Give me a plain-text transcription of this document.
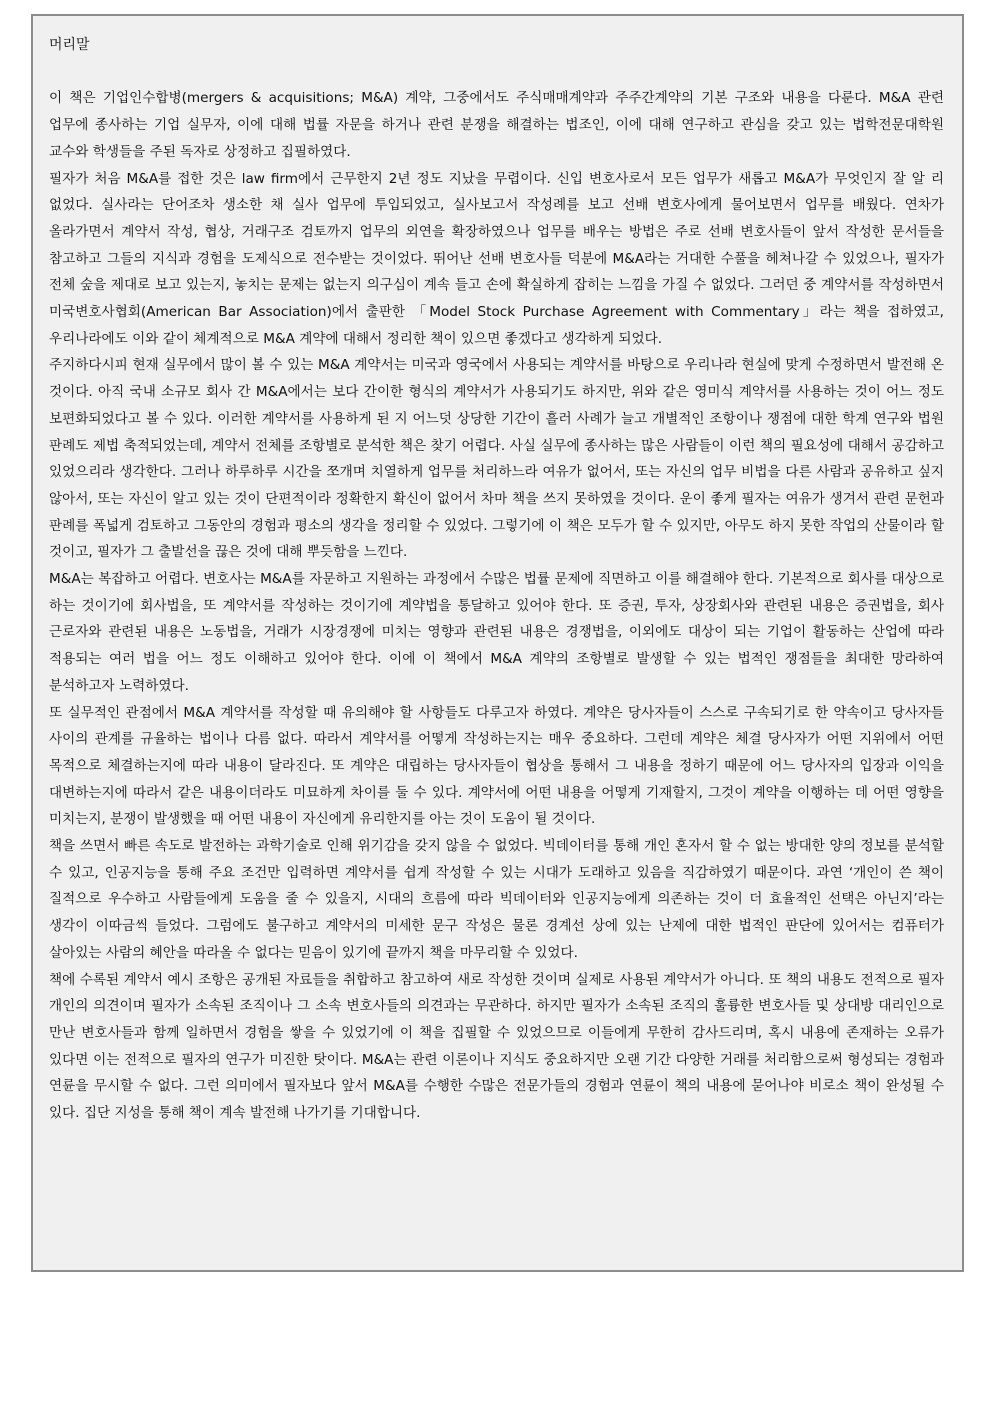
머리말

이 책은 기업인수합병(mergers & acquisitions; M&A) 계약, 그중에서도 주식매매계약과 주주간계약의 기본 구조와 내용을 다룬다. M&A 관련 업무에 종사하는 기업 실무자, 이에 대해 법률 자문을 하거나 관련 분쟁을 해결하는 법조인, 이에 대해 연구하고 관심을 갖고 있는 법학전문대학원 교수와 학생들을 주된 독자로 상정하고 집필하였다.

필자가 처음 M&A를 접한 것은 law firm에서 근무한지 2년 정도 지났을 무렵이다. 신입 변호사로서 모든 업무가 새롭고 M&A가 무엇인지 잘 알 리 없었다. 실사라는 단어조차 생소한 채 실사 업무에 투입되었고, 실사보고서 작성례를 보고 선배 변호사에게 물어보면서 업무를 배웠다. 연차가 올라가면서 계약서 작성, 협상, 거래구조 검토까지 업무의 외연을 확장하였으나 업무를 배우는 방법은 주로 선배 변호사들이 앞서 작성한 문서들을 참고하고 그들의 지식과 경험을 도제식으로 전수받는 것이었다. 뛰어난 선배 변호사들 덕분에 M&A라는 거대한 수풀을 헤쳐나갈 수 있었으나, 필자가 전체 숲을 제대로 보고 있는지, 놓치는 문제는 없는지 의구심이 계속 들고 손에 확실하게 잡히는 느낌을 가질 수 없었다. 그러던 중 계약서를 작성하면서 미국변호사협회(American Bar Association)에서 출판한 「Model Stock Purchase Agreement with Commentary」라는 책을 접하였고, 우리나라에도 이와 같이 체계적으로 M&A 계약에 대해서 정리한 책이 있으면 좋겠다고 생각하게 되었다.

주지하다시피 현재 실무에서 많이 볼 수 있는 M&A 계약서는 미국과 영국에서 사용되는 계약서를 바탕으로 우리나라 현실에 맞게 수정하면서 발전해 온 것이다. 아직 국내 소규모 회사 간 M&A에서는 보다 간이한 형식의 계약서가 사용되기도 하지만, 위와 같은 영미식 계약서를 사용하는 것이 어느 정도 보편화되었다고 볼 수 있다. 이러한 계약서를 사용하게 된 지 어느덧 상당한 기간이 흘러 사례가 늘고 개별적인 조항이나 쟁점에 대한 학계 연구와 법원 판례도 제법 축적되었는데, 계약서 전체를 조항별로 분석한 책은 찾기 어렵다. 사실 실무에 종사하는 많은 사람들이 이런 책의 필요성에 대해서 공감하고 있었으리라 생각한다. 그러나 하루하루 시간을 쪼개며 치열하게 업무를 처리하느라 여유가 없어서, 또는 자신의 업무 비법을 다른 사람과 공유하고 싶지 않아서, 또는 자신이 알고 있는 것이 단편적이라 정확한지 확신이 없어서 차마 책을 쓰지 못하였을 것이다. 운이 좋게 필자는 여유가 생겨서 관련 문헌과 판례를 폭넓게 검토하고 그동안의 경험과 평소의 생각을 정리할 수 있었다. 그렇기에 이 책은 모두가 할 수 있지만, 아무도 하지 못한 작업의 산물이라 할 것이고, 필자가 그 출발선을 끊은 것에 대해 뿌듯함을 느낀다.

M&A는 복잡하고 어렵다. 변호사는 M&A를 자문하고 지원하는 과정에서 수많은 법률 문제에 직면하고 이를 해결해야 한다. 기본적으로 회사를 대상으로 하는 것이기에 회사법을, 또 계약서를 작성하는 것이기에 계약법을 통달하고 있어야 한다. 또 증권, 투자, 상장회사와 관련된 내용은 증권법을, 회사 근로자와 관련된 내용은 노동법을, 거래가 시장경쟁에 미치는 영향과 관련된 내용은 경쟁법을, 이외에도 대상이 되는 기업이 활동하는 산업에 따라 적용되는 여러 법을 어느 정도 이해하고 있어야 한다. 이에 이 책에서 M&A 계약의 조항별로 발생할 수 있는 법적인 쟁점들을 최대한 망라하여 분석하고자 노력하였다.

또 실무적인 관점에서 M&A 계약서를 작성할 때 유의해야 할 사항들도 다루고자 하였다. 계약은 당사자들이 스스로 구속되기로 한 약속이고 당사자들 사이의 관계를 규율하는 법이나 다름 없다. 따라서 계약서를 어떻게 작성하는지는 매우 중요하다. 그런데 계약은 체결 당사자가 어떤 지위에서 어떤 목적으로 체결하는지에 따라 내용이 달라진다. 또 계약은 대립하는 당사자들이 협상을 통해서 그 내용을 정하기 때문에 어느 당사자의 입장과 이익을 대변하는지에 따라서 같은 내용이더라도 미묘하게 차이를 둘 수 있다. 계약서에 어떤 내용을 어떻게 기재할지, 그것이 계약을 이행하는 데 어떤 영향을 미치는지, 분쟁이 발생했을 때 어떤 내용이 자신에게 유리한지를 아는 것이 도움이 될 것이다.

책을 쓰면서 빠른 속도로 발전하는 과학기술로 인해 위기감을 갖지 않을 수 없었다. 빅데이터를 통해 개인 혼자서 할 수 없는 방대한 양의 정보를 분석할 수 있고, 인공지능을 통해 주요 조건만 입력하면 계약서를 쉽게 작성할 수 있는 시대가 도래하고 있음을 직감하였기 때문이다. 과연 ‘개인이 쓴 책이 질적으로 우수하고 사람들에게 도움을 줄 수 있을지, 시대의 흐름에 따라 빅데이터와 인공지능에게 의존하는 것이 더 효율적인 선택은 아닌지’라는 생각이 이따금씩 들었다. 그럼에도 불구하고 계약서의 미세한 문구 작성은 물론 경계선 상에 있는 난제에 대한 법적인 판단에 있어서는 컴퓨터가 살아있는 사람의 혜안을 따라올 수 없다는 믿음이 있기에 끝까지 책을 마무리할 수 있었다.

책에 수록된 계약서 예시 조항은 공개된 자료들을 취합하고 참고하여 새로 작성한 것이며 실제로 사용된 계약서가 아니다. 또 책의 내용도 전적으로 필자 개인의 의견이며 필자가 소속된 조직이나 그 소속 변호사들의 의견과는 무관하다. 하지만 필자가 소속된 조직의 훌륭한 변호사들 및 상대방 대리인으로 만난 변호사들과 함께 일하면서 경험을 쌓을 수 있었기에 이 책을 집필할 수 있었으므로 이들에게 무한히 감사드리며, 혹시 내용에 존재하는 오류가 있다면 이는 전적으로 필자의 연구가 미진한 탓이다. M&A는 관련 이론이나 지식도 중요하지만 오랜 기간 다양한 거래를 처리함으로써 형성되는 경험과 연륜을 무시할 수 없다. 그런 의미에서 필자보다 앞서 M&A를 수행한 수많은 전문가들의 경험과 연륜이 책의 내용에 묻어나야 비로소 책이 완성될 수 있다. 집단 지성을 통해 책이 계속 발전해 나가기를 기대합니다.
